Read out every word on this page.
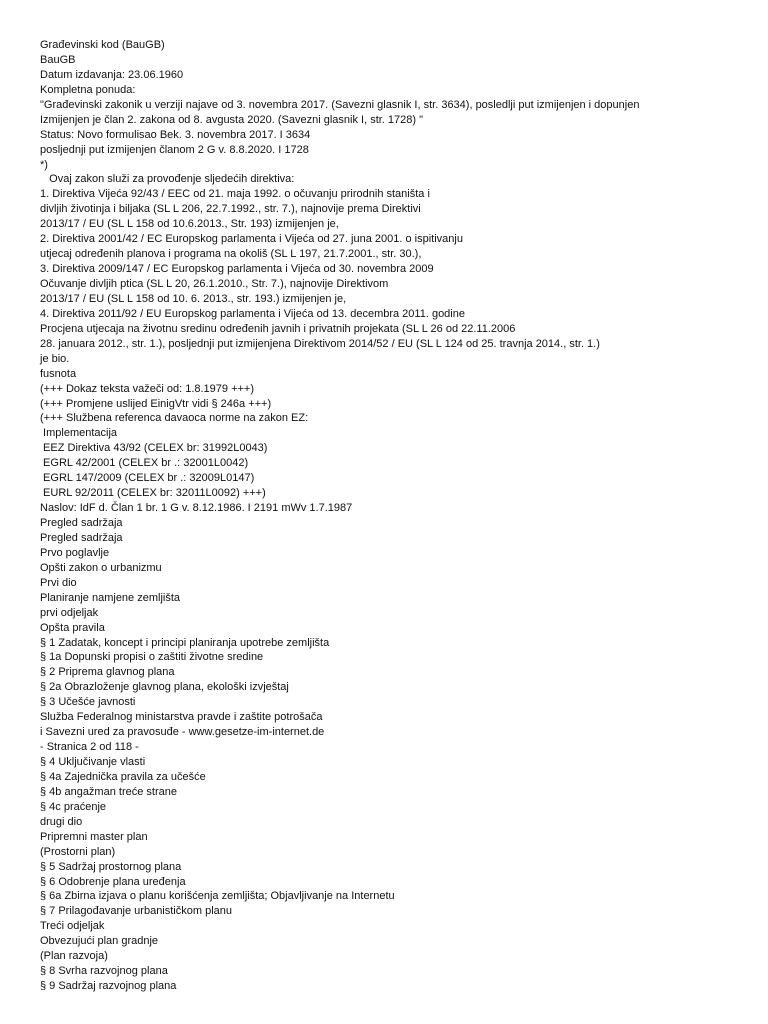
Građevinski kod (BauGB)
BauGB
Datum izdavanja: 23.06.1960
Kompletna ponuda:
"Građevinski zakonik u verziji najave od 3. novembra 2017. (Savezni glasnik I, str. 3634), posledlji put izmijenjen i dopunjen
Izmijenjen je član 2. zakona od 8. avgusta 2020. (Savezni glasnik I, str. 1728) "
Status: Novo formulisao Bek. 3. novembra 2017. I 3634
posljednji put izmijenjen članom 2 G v. 8.8.2020. I 1728
*)
Ovaj zakon služi za provođenje sljedećih direktiva:
1. Direktiva Vijeća 92/43 / EEC od 21. maja 1992. o očuvanju prirodnih staništa i
divljih životinja i biljaka (SL L 206, 22.7.1992., str. 7.), najnovije prema Direktivi
2013/17 / EU (SL L 158 od 10.6.2013., Str. 193) izmijenjen je,
2. Direktiva 2001/42 / EC Europskog parlamenta i Vijeća od 27. juna 2001. o ispitivanju
utjecaj određenih planova i programa na okoliš (SL L 197, 21.7.2001., str. 30.),
3. Direktiva 2009/147 / EC Europskog parlamenta i Vijeća od 30. novembra 2009
Očuvanje divljih ptica (SL L 20, 26.1.2010., Str. 7.), najnovije Direktivom
2013/17 / EU (SL L 158 od 10. 6. 2013., str. 193.) izmijenjen je,
4. Direktiva 2011/92 / EU Europskog parlamenta i Vijeća od 13. decembra 2011. godine
Procjena utjecaja na životnu sredinu određenih javnih i privatnih projekata (SL L 26 od 22.11.2006
28. januara 2012., str. 1.), posljednji put izmijenjena Direktivom 2014/52 / EU (SL L 124 od 25. travnja 2014., str. 1.)
je bio.
fusnota
(+++ Dokaz teksta važeči od: 1.8.1979 +++)
(+++ Promjene uslijed EinigVtr vidi § 246a +++)
(+++ Službena referenca davaoca norme na zakon EZ:
Implementacija
EEZ Direktiva 43/92 (CELEX br: 31992L0043)
EGRL 42/2001 (CELEX br .: 32001L0042)
EGRL 147/2009 (CELEX br .: 32009L0147)
EURL 92/2011 (CELEX br: 32011L0092) +++)
Naslov: IdF d. Član 1 br. 1 G v. 8.12.1986. I 2191 mWv 1.7.1987
Pregled sadržaja
Pregled sadržaja
Prvo poglavlje
Opšti zakon o urbanizmu
Prvi dio
Planiranje namjene zemljišta
prvi odjeljak
Opšta pravila
§ 1 Zadatak, koncept i principi planiranja upotrebe zemljišta
§ 1a Dopunski propisi o zaštiti životne sredine
§ 2 Priprema glavnog plana
§ 2a Obrazloženje glavnog plana, ekološki izvještaj
§ 3 Učešće javnosti
Služba Federalnog ministarstva pravde i zaštite potrošača
i Savezni ured za pravosuđe - www.gesetze-im-internet.de
- Stranica 2 od 118 -
§ 4 Uključivanje vlasti
§ 4a Zajednička pravila za učešće
§ 4b angažman treće strane
§ 4c praćenje
drugi dio
Pripremni master plan
(Prostorni plan)
§ 5 Sadržaj prostornog plana
§ 6 Odobrenje plana uređenja
§ 6a Zbirna izjava o planu korišćenja zemljišta; Objavljivanje na Internetu
§ 7 Prilagođavanje urbanističkom planu
Treći odjeljak
Obvezujući plan gradnje
(Plan razvoja)
§ 8 Svrha razvojnog plana
§ 9 Sadržaj razvojnog plana
